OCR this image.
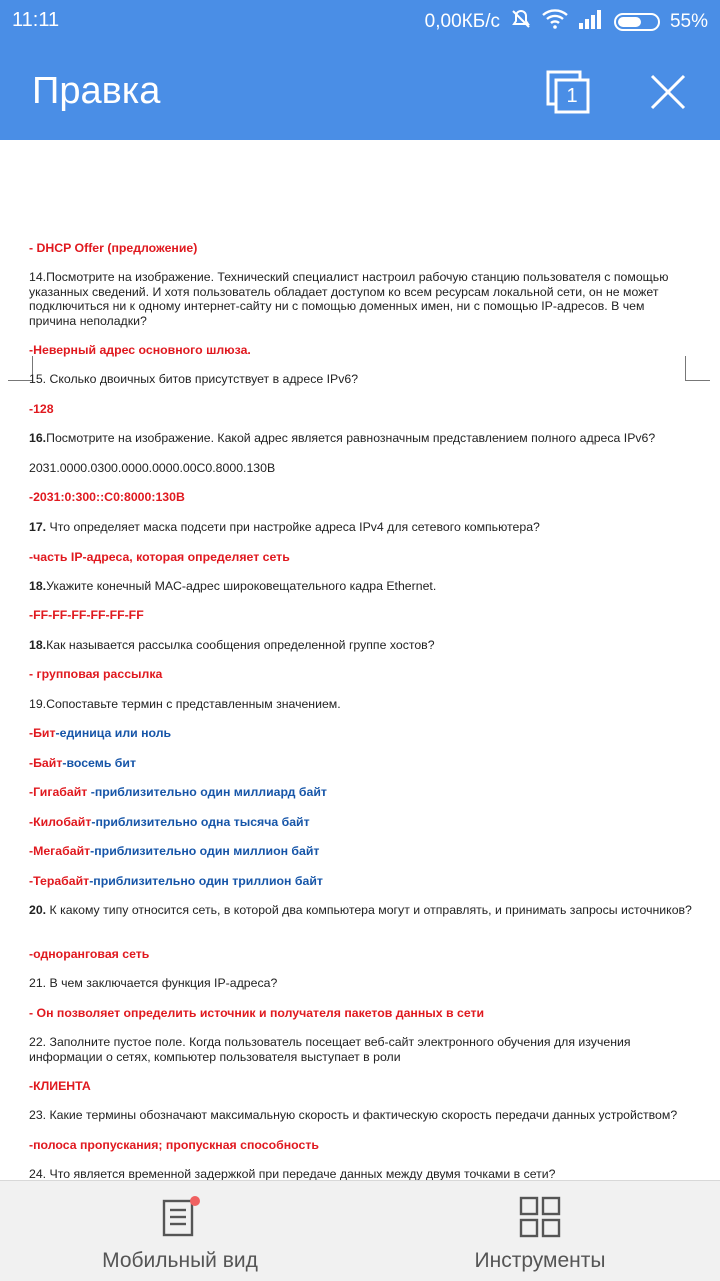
11:11	0,00КБ/с	55%
Правка	1
- DHCP Offer (предложение)
14.Посмотрите на изображение. Технический специалист настроил рабочую станцию пользователя с помощью указанных сведений. И хотя пользователь обладает доступом ко всем ресурсам локальной сети, он не может подключиться ни к одному интернет-сайту ни с помощью доменных имен, ни с помощью IP-адресов. В чем причина неполадки?
-Неверный адрес основного шлюза.
15. Сколько двоичных битов присутствует в адресе IPv6?
-128
16.Посмотрите на изображение. Какой адрес является равнозначным представлением полного адреса IPv6?
2031.0000.0300.0000.0000.00C0.8000.130B
-2031:0:300::C0:8000:130B
17. Что определяет маска подсети при настройке адреса IPv4 для сетевого компьютера?
-часть IP-адреса, которая определяет сеть
18.Укажите конечный MAC-адрес широковещательного кадра Ethernet.
-FF-FF-FF-FF-FF-FF
18.Как называется рассылка сообщения определенной группе хостов?
- групповая рассылка
19.Сопоставьте термин с представленным значением.
-Бит-единица или ноль
-Байт-восемь бит
-Гигабайт -приблизительно один миллиард байт
-Килобайт-приблизительно одна тысяча байт
-Мегабайт-приблизительно один миллион байт
-Терабайт-приблизительно один триллион байт
20. К какому типу относится сеть, в которой два компьютера могут и отправлять, и принимать запросы источников?
-одноранговая сеть
21. В чем заключается функция IP-адреса?
- Он позволяет определить источник и получателя пакетов данных в сети
22. Заполните пустое поле. Когда пользователь посещает веб-сайт электронного обучения для изучения информации о сетях, компьютер пользователя выступает в роли
-КЛИЕНТА
23. Какие термины обозначают максимальную скорость и фактическую скорость передачи данных устройством?
-полоса пропускания; пропускная способность
24. Что является временной задержкой при передаче данных между двумя точками в сети?
Мобильный вид	Инструменты
